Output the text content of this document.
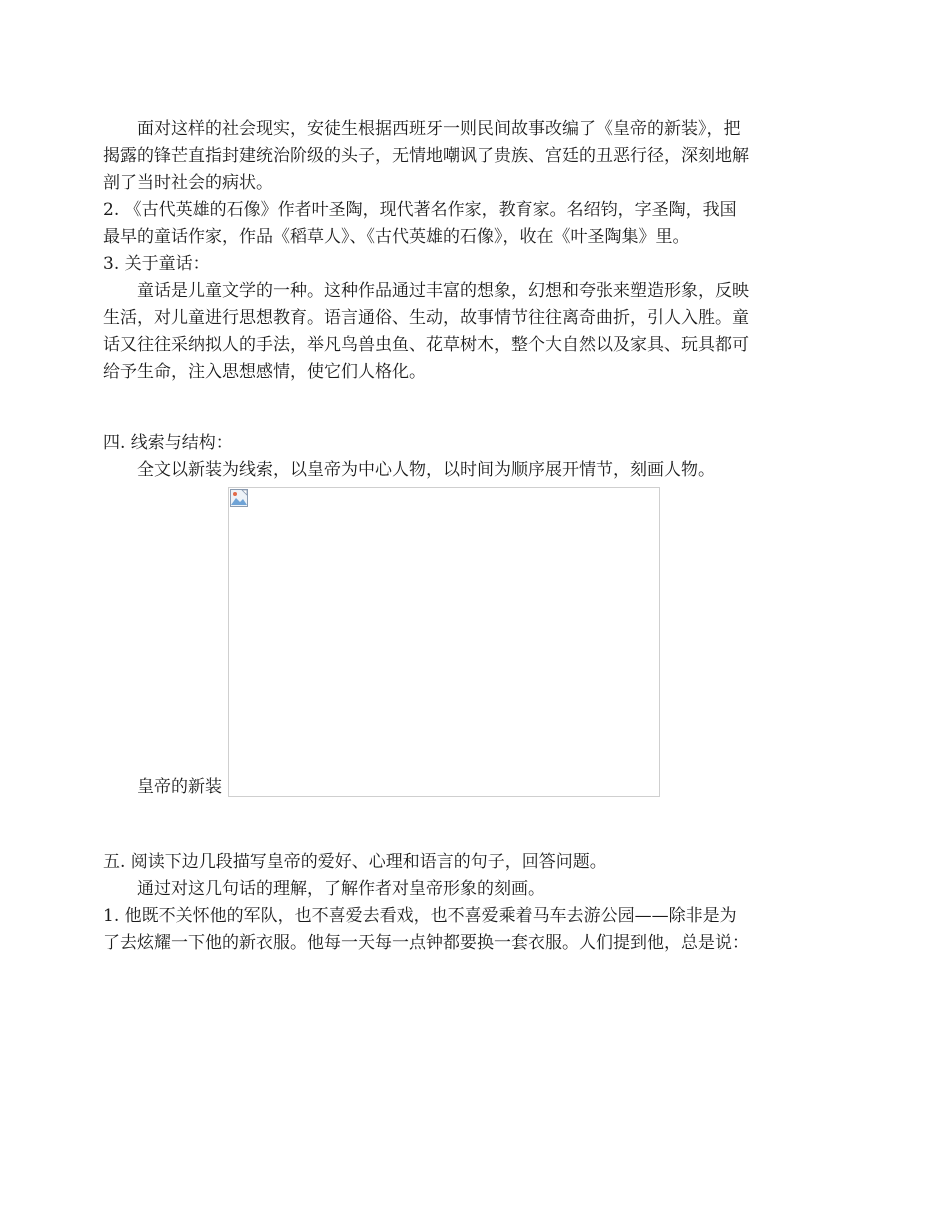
面对这样的社会现实，安徒生根据西班牙一则民间故事改编了《皇帝的新装》，把
揭露的锋芒直指封建统治阶级的头子，无情地嘲讽了贵族、宫廷的丑恶行径，深刻地解
剖了当时社会的病状。

2. 《古代英雄的石像》作者叶圣陶，现代著名作家，教育家。名绍钧，字圣陶，我国
最早的童话作家，作品《稻草人》、《古代英雄的石像》，收在《叶圣陶集》里。

3. 关于童话：

童话是儿童文学的一种。这种作品通过丰富的想象，幻想和夸张来塑造形象，反映
生活，对儿童进行思想教育。语言通俗、生动，故事情节往往离奇曲折，引人入胜。童
话又往往采纳拟人的手法，举凡鸟兽虫鱼、花草树木，整个大自然以及家具、玩具都可
给予生命，注入思想感情，使它们人格化。

四. 线索与结构：

全文以新装为线索，以皇帝为中心人物，以时间为顺序展开情节，刻画人物。

皇帝的新装

五. 阅读下边几段描写皇帝的爱好、心理和语言的句子，回答问题。

通过对这几句话的理解，了解作者对皇帝形象的刻画。

1. 他既不关怀他的军队，也不喜爱去看戏，也不喜爱乘着马车去游公园——除非是为
了去炫耀一下他的新衣服。他每一天每一点钟都要换一套衣服。人们提到他，总是说：
